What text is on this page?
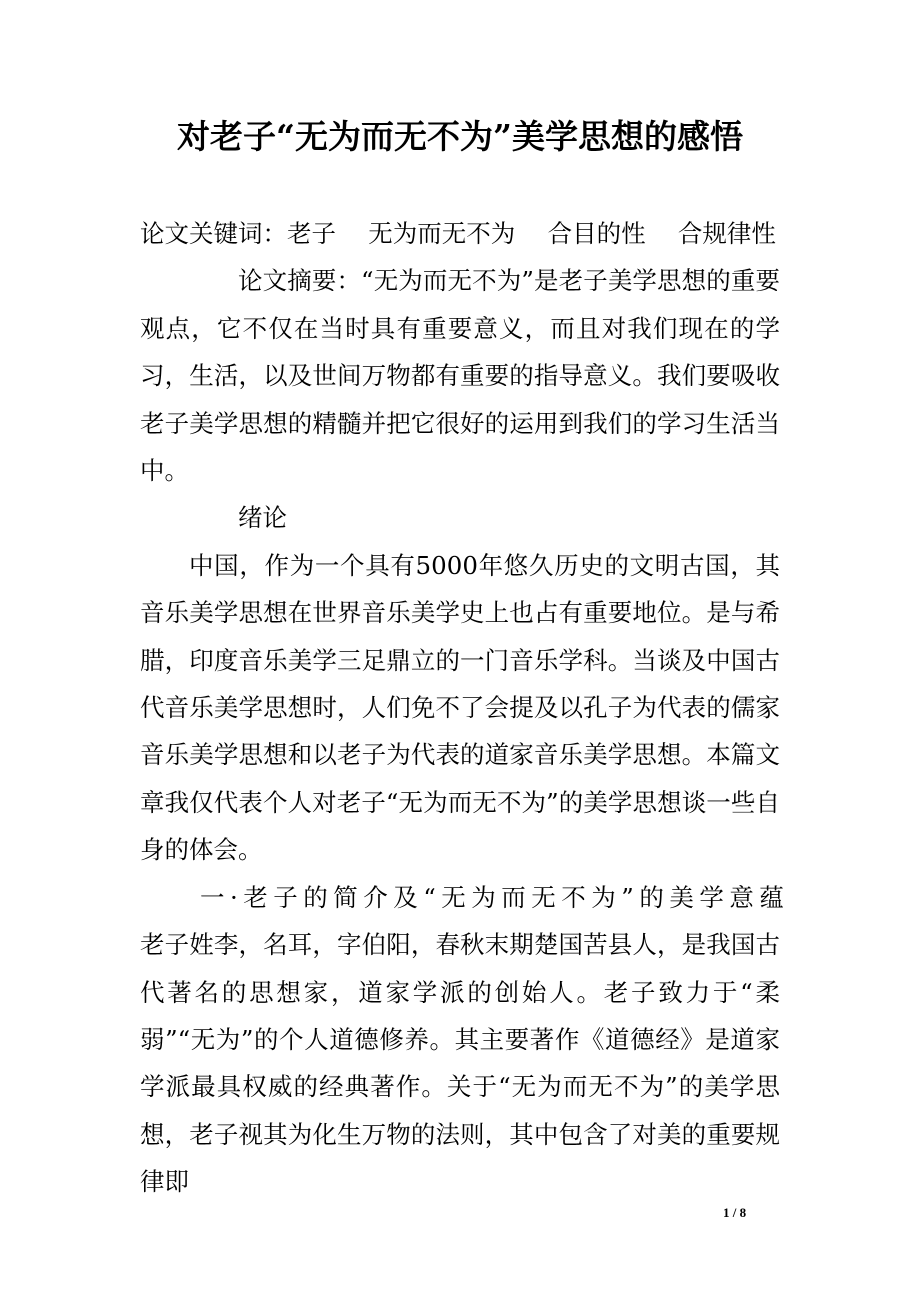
对老子“无为而无不为”美学思想的感悟

论文关键词：老子　 无为而无不为　 合目的性　 合规律性

论文摘要：“无为而无不为”是老子美学思想的重要观点，它不仅在当时具有重要意义，而且对我们现在的学习，生活，以及世间万物都有重要的指导意义。我们要吸收老子美学思想的精髓并把它很好的运用到我们的学习生活当中。

绪论

中国，作为一个具有5000年悠久历史的文明古国，其音乐美学思想在世界音乐美学史上也占有重要地位。是与希腊，印度音乐美学三足鼎立的一门音乐学科。当谈及中国古代音乐美学思想时，人们免不了会提及以孔子为代表的儒家音乐美学思想和以老子为代表的道家音乐美学思想。本篇文章我仅代表个人对老子“无为而无不为”的美学思想谈一些自身的体会。

一·老子的简介及“无为而无不为”的美学意蕴

老子姓李，名耳，字伯阳，春秋末期楚国苦县人，是我国古代著名的思想家，道家学派的创始人。老子致力于“柔弱”“无为”的个人道德修养。其主要著作《道德经》是道家学派最具权威的经典著作。关于“无为而无不为”的美学思想，老子视其为化生万物的法则，其中包含了对美的重要规律即

1 / 8
